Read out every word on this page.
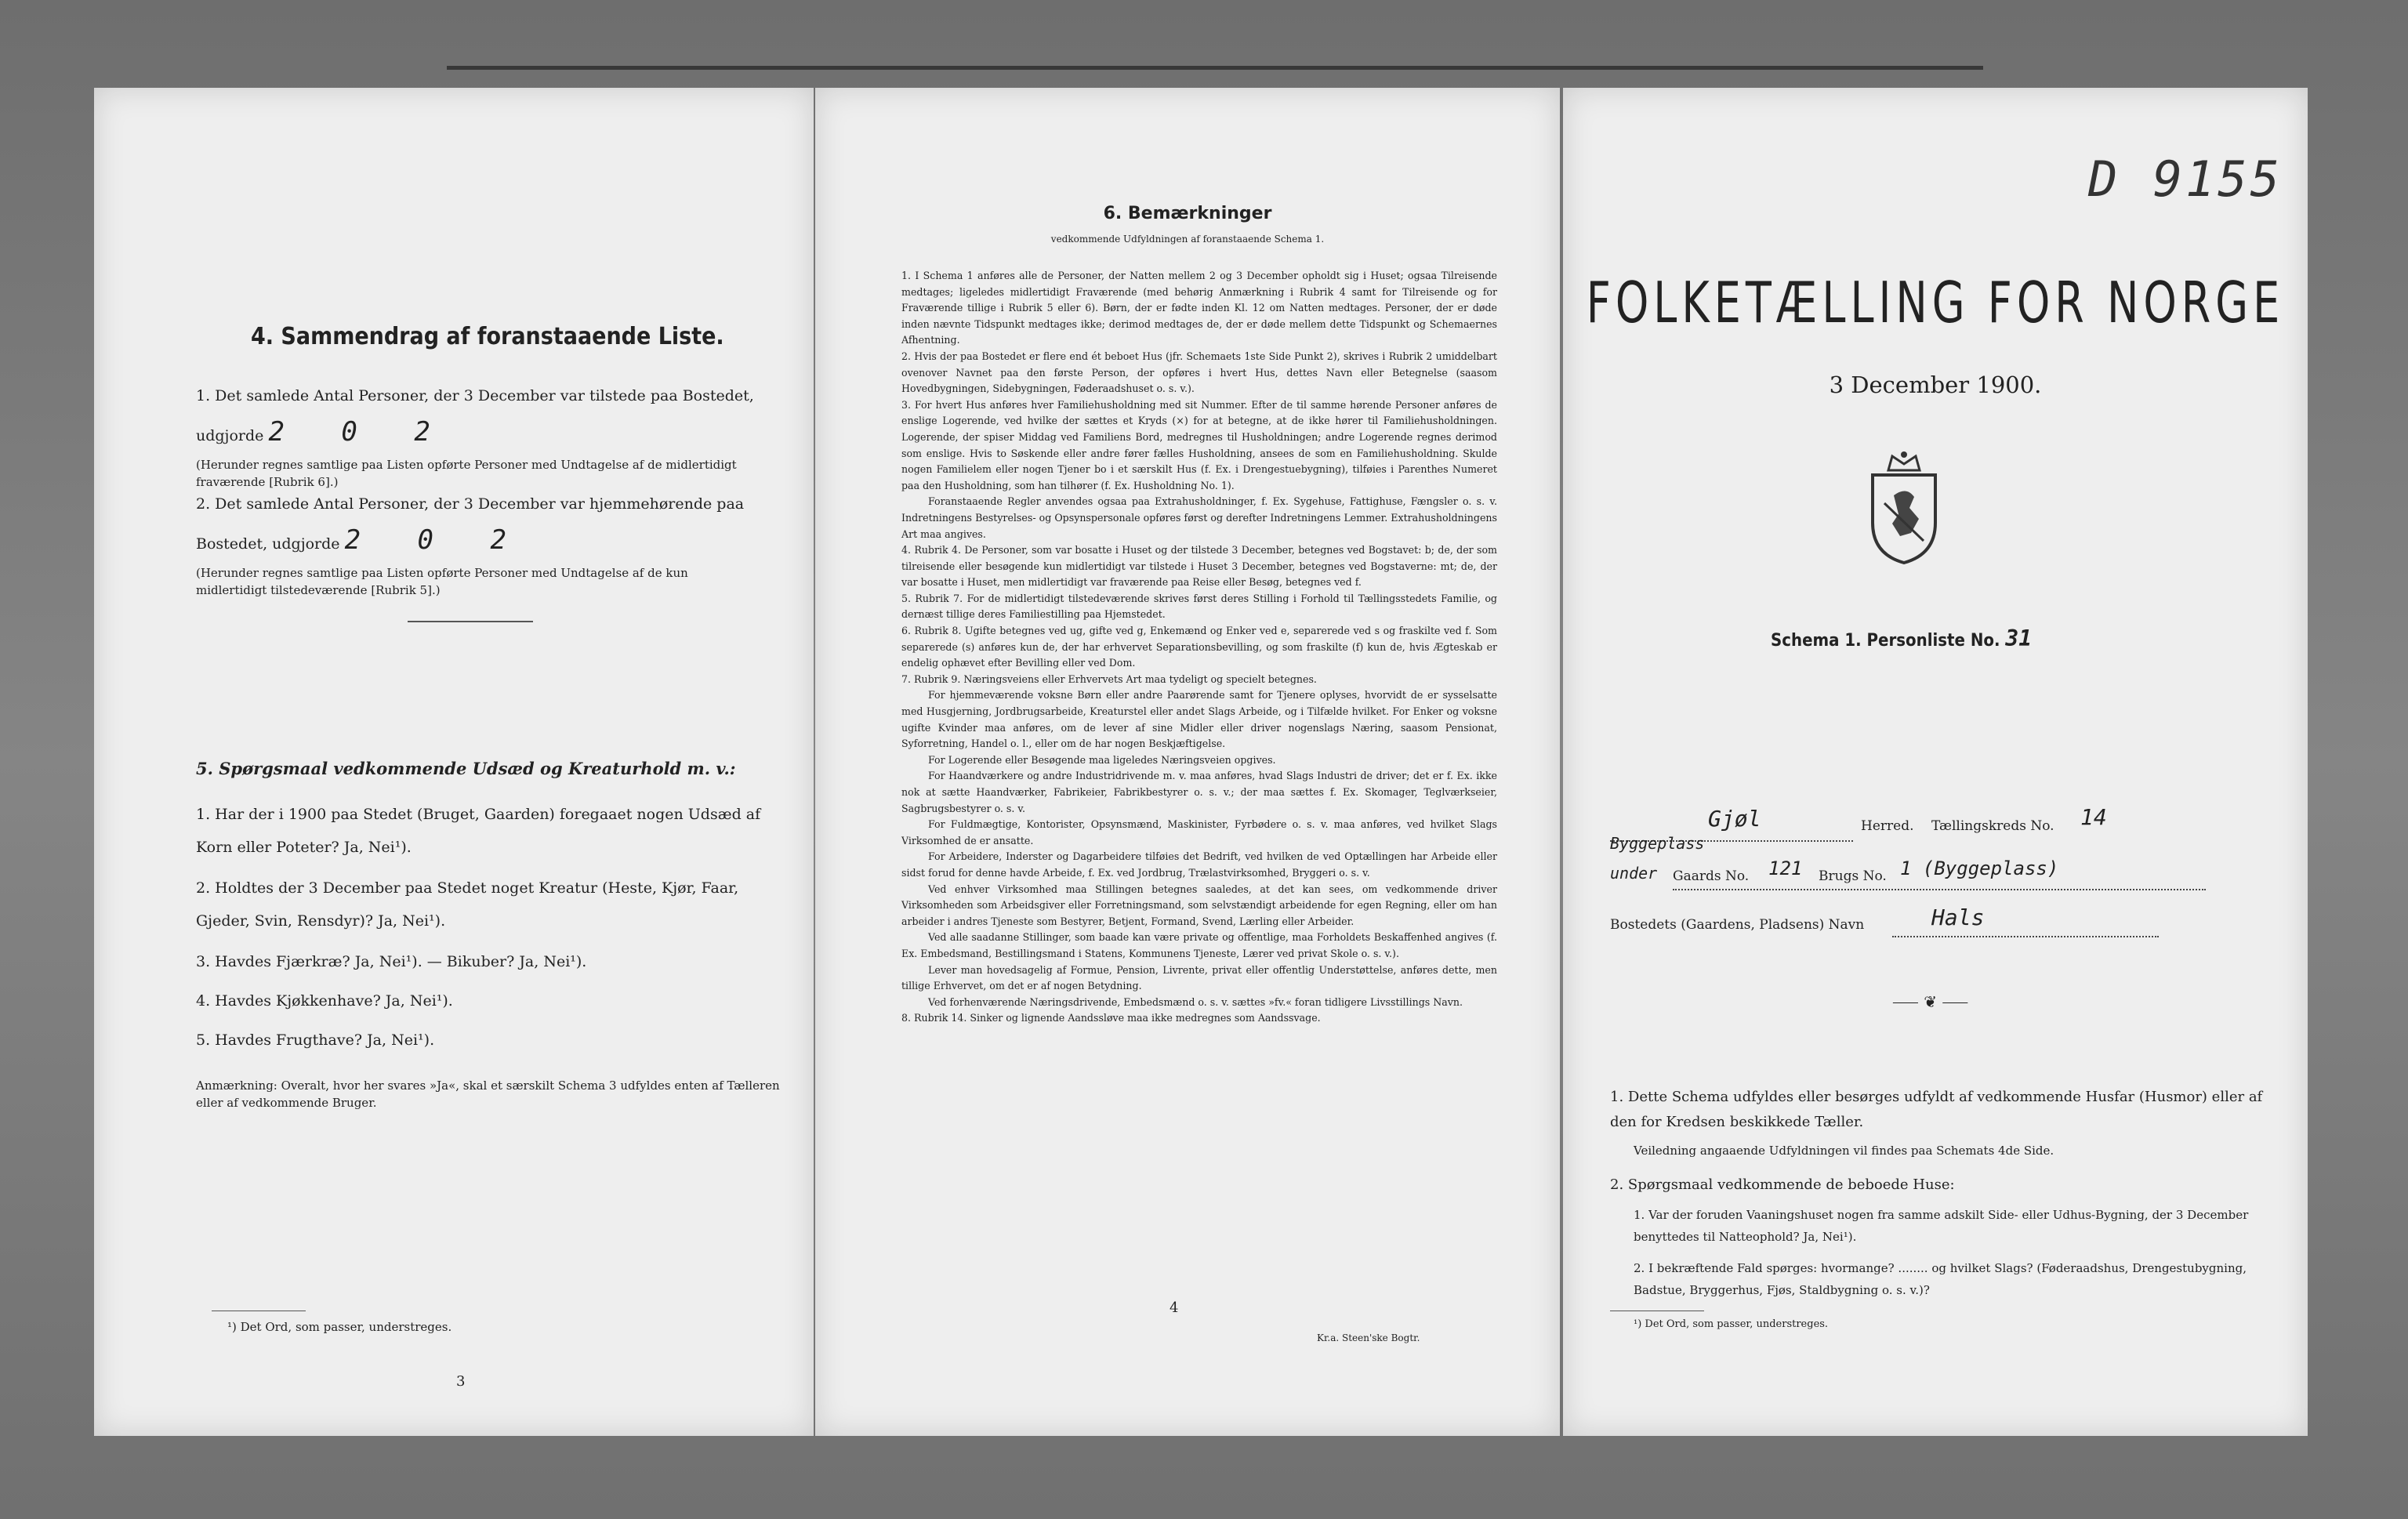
4. Sammendrag af foranstaaende Liste.
1. Det samlede Antal Personer, der 3 December var tilstede paa Bostedet,
udgjorde 2 0 2
(Herunder regnes samtlige paa Listen opførte Personer med Undtagelse af de midlertidigt fraværende [Rubrik 6].)
2. Det samlede Antal Personer, der 3 December var hjemmehørende paa
Bostedet, udgjorde 2 0 2
(Herunder regnes samtlige paa Listen opførte Personer med Undtagelse af de kun midlertidigt tilstedeværende [Rubrik 5].)
5. Spørgsmaal vedkommende Udsæd og Kreaturhold m. v.:
1. Har der i 1900 paa Stedet (Bruget, Gaarden) foregaaet nogen Udsæd af
Korn eller Poteter? Ja, Nei¹).
2. Holdtes der 3 December paa Stedet noget Kreatur (Heste, Kjør, Faar,
Gjeder, Svin, Rensdyr)? Ja, Nei¹).
3. Havdes Fjærkræ? Ja, Nei¹). — Bikuber? Ja, Nei¹).
4. Havdes Kjøkkenhave? Ja, Nei¹).
5. Havdes Frugthave? Ja, Nei¹).
Anmærkning: Overalt, hvor her svares »Ja«, skal et særskilt Schema 3 udfyldes enten af Tælleren eller af vedkommende Bruger.
¹) Det Ord, som passer, understreges.
3
6. Bemærkninger
vedkommende Udfyldningen af foranstaaende Schema 1.

1. I Schema 1 anføres alle de Personer, der Natten mellem 2 og 3 December opholdt sig i Huset; ogsaa Tilreisende medtages; ligeledes midlertidigt Fraværende (med behørig Anmærkning i Rubrik 4 samt for Tilreisende og for Fraværende tillige i Rubrik 5 eller 6). Børn, der er fødte inden Kl. 12 om Natten medtages. Personer, der er døde inden nævnte Tidspunkt medtages ikke; derimod medtages de, der er døde mellem dette Tidspunkt og Schemaernes Afhentning.

2. Hvis der paa Bostedet er flere end ét beboet Hus (jfr. Schemaets 1ste Side Punkt 2), skrives i Rubrik 2 umiddelbart ovenover Navnet paa den første Person, der opføres i hvert Hus, dettes Navn eller Betegnelse (saasom Hovedbygningen, Sidebygningen, Føderaadshuset o. s. v.).

3. For hvert Hus anføres hver Familiehusholdning med sit Nummer. Efter de til samme hørende Personer anføres de enslige Logerende, ved hvilke der sættes et Kryds (×) for at betegne, at de ikke hører til Familiehusholdningen. Logerende, der spiser Middag ved Familiens Bord, medregnes til Husholdningen; andre Logerende regnes derimod som enslige. Hvis to Søskende eller andre fører fælles Husholdning, ansees de som en Familiehusholdning. Skulde nogen Familielem eller nogen Tjener bo i et særskilt Hus (f. Ex. i Drengestuebygning), tilføies i Parenthes Numeret paa den Husholdning, som han tilhører (f. Ex. Husholdning No. 1).

Foranstaaende Regler anvendes ogsaa paa Extrahusholdninger, f. Ex. Sygehuse, Fattighuse, Fængsler o. s. v. Indretningens Bestyrelses- og Opsynspersonale opføres først og derefter Indretningens Lemmer. Extrahusholdningens Art maa angives.

4. Rubrik 4. De Personer, som var bosatte i Huset og der tilstede 3 December, betegnes ved Bogstavet: b; de, der som tilreisende eller besøgende kun midlertidigt var tilstede i Huset 3 December, betegnes ved Bogstaverne: mt; de, der var bosatte i Huset, men midlertidigt var fraværende paa Reise eller Besøg, betegnes ved f.

5. Rubrik 7. For de midlertidigt tilstedeværende skrives først deres Stilling i Forhold til Tællingsstedets Familie, og dernæst tillige deres Familiestilling paa Hjemstedet.

6. Rubrik 8. Ugifte betegnes ved ug, gifte ved g, Enkemænd og Enker ved e, separerede ved s og fraskilte ved f. Som separerede (s) anføres kun de, der har erhvervet Separationsbevilling, og som fraskilte (f) kun de, hvis Ægteskab er endelig ophævet efter Bevilling eller ved Dom.

7. Rubrik 9. Næringsveiens eller Erhvervets Art maa tydeligt og specielt betegnes.

For hjemmeværende voksne Børn eller andre Paarørende samt for Tjenere oplyses, hvorvidt de er sysselsatte med Husgjerning, Jordbrugsarbeide, Kreaturstel eller andet Slags Arbeide, og i Tilfælde hvilket. For Enker og voksne ugifte Kvinder maa anføres, om de lever af sine Midler eller driver nogenslags Næring, saasom Pensionat, Syforretning, Handel o. l., eller om de har nogen Beskjæftigelse.

For Logerende eller Besøgende maa ligeledes Næringsveien opgives.

For Haandværkere og andre Industridrivende m. v. maa anføres, hvad Slags Industri de driver; det er f. Ex. ikke nok at sætte Haandværker, Fabrikeier, Fabrikbestyrer o. s. v.; der maa sættes f. Ex. Skomager, Teglværkseier, Sagbrugsbestyrer o. s. v.

For Fuldmægtige, Kontorister, Opsynsmænd, Maskinister, Fyrbødere o. s. v. maa anføres, ved hvilket Slags Virksomhed de er ansatte.

For Arbeidere, Inderster og Dagarbeidere tilføies det Bedrift, ved hvilken de ved Optællingen har Arbeide eller sidst forud for denne havde Arbeide, f. Ex. ved Jordbrug, Trælastvirksomhed, Bryggeri o. s. v.

Ved enhver Virksomhed maa Stillingen betegnes saaledes, at det kan sees, om vedkommende driver Virksomheden som Arbeidsgiver eller Forretningsmand, som selvstændigt arbeidende for egen Regning, eller om han arbeider i andres Tjeneste som Bestyrer, Betjent, Formand, Svend, Lærling eller Arbeider.

Ved alle saadanne Stillinger, som baade kan være private og offentlige, maa Forholdets Beskaffenhed angives (f. Ex. Embedsmand, Bestillingsmand i Statens, Kommunens Tjeneste, Lærer ved privat Skole o. s. v.).

Lever man hovedsagelig af Formue, Pension, Livrente, privat eller offentlig Understøttelse, anføres dette, men tillige Erhvervet, om det er af nogen Betydning.

Ved forhenværende Næringsdrivende, Embedsmænd o. s. v. sættes »fv.« foran tidligere Livsstillings Navn.

8. Rubrik 14. Sinker og lignende Aandssløve maa ikke medregnes som Aandssvage.

4
Kr.a. Steen'ske Bogtr.
D 9155
FOLKETÆLLING FOR NORGE
3 December 1900.
Schema 1. Personliste No. 31
Gjøl	Herred. Tællingskreds No. 14
Byggeplass
under Gaards No. 121 Brugs No. 1 (Byggeplass)
Bostedets (Gaardens, Pladsens) Navn	Hals
⸺ ❦ ⸺
1. Dette Schema udfyldes eller besørges udfyldt af vedkommende Husfar (Husmor) eller af den for Kredsen beskikkede Tæller.
Veiledning angaaende Udfyldningen vil findes paa Schemats 4de Side.
2. Spørgsmaal vedkommende de beboede Huse:
1. Var der foruden Vaaningshuset nogen fra samme adskilt Side- eller Udhus-Bygning, der 3 December benyttedes til Natteophold? Ja, Nei¹).
2. I bekræftende Fald spørges: hvormange? ........ og hvilket Slags? (Føderaadshus, Drengestubygning, Badstue, Bryggerhus, Fjøs, Staldbygning o. s. v.)?
¹) Det Ord, som passer, understreges.
